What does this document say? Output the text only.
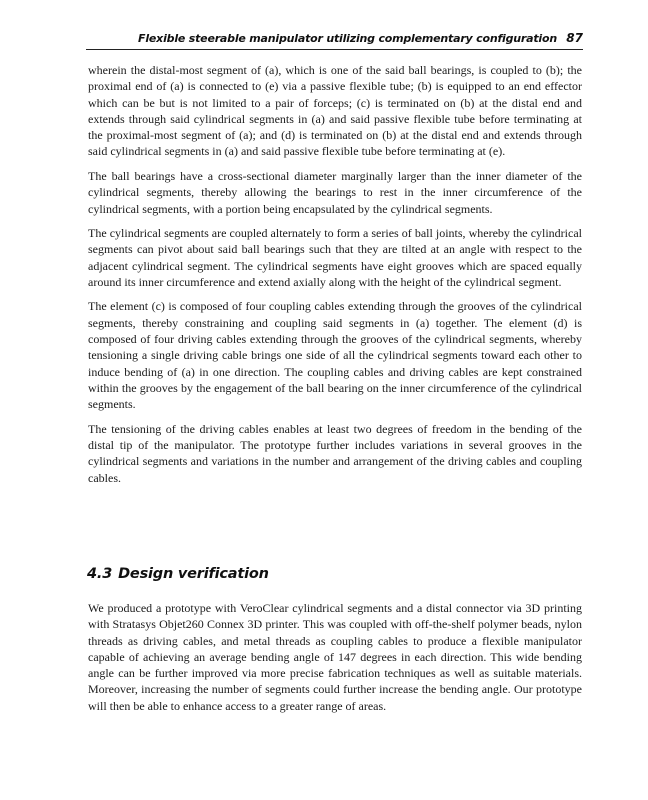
Flexible steerable manipulator utilizing complementary configuration 87

wherein the distal-most segment of (a), which is one of the said ball bearings, is coupled to (b); the proximal end of (a) is connected to (e) via a passive flexible tube; (b) is equipped to an end effector which can be but is not limited to a pair of forceps; (c) is terminated on (b) at the distal end and extends through said cylindrical segments in (a) and said passive flexible tube before terminating at the proximal-most segment of (a); and (d) is terminated on (b) at the distal end and extends through said cylindrical segments in (a) and said passive flexible tube before terminating at (e).

The ball bearings have a cross-sectional diameter marginally larger than the inner diameter of the cylindrical segments, thereby allowing the bearings to rest in the inner circumference of the cylindrical segments, with a portion being encapsulated by the cylindrical segments.

The cylindrical segments are coupled alternately to form a series of ball joints, whereby the cylindrical segments can pivot about said ball bearings such that they are tilted at an angle with respect to the adjacent cylindrical segment. The cylindrical segments have eight grooves which are spaced equally around its inner circumference and extend axially along with the height of the cylindrical segment.

The element (c) is composed of four coupling cables extending through the grooves of the cylindrical segments, thereby constraining and coupling said segments in (a) together. The element (d) is composed of four driving cables extending through the grooves of the cylindrical segments, whereby tensioning a single driving cable brings one side of all the cylindrical segments toward each other to induce bending of (a) in one direction. The coupling cables and driving cables are kept constrained within the grooves by the engagement of the ball bearing on the inner circumference of the cylindrical segments.

The tensioning of the driving cables enables at least two degrees of freedom in the bending of the distal tip of the manipulator. The prototype further includes variations in several grooves in the cylindrical segments and variations in the number and arrangement of the driving cables and coupling cables.

4.3 Design verification

We produced a prototype with VeroClear cylindrical segments and a distal connector via 3D printing with Stratasys Objet260 Connex 3D printer. This was coupled with off-the-shelf polymer beads, nylon threads as driving cables, and metal threads as coupling cables to produce a flexible manipulator capable of achieving an average bending angle of 147 degrees in each direction. This wide bending angle can be further improved via more precise fabrication techniques as well as suitable materials. Moreover, increasing the number of segments could further increase the bending angle. Our prototype will then be able to enhance access to a greater range of areas.
